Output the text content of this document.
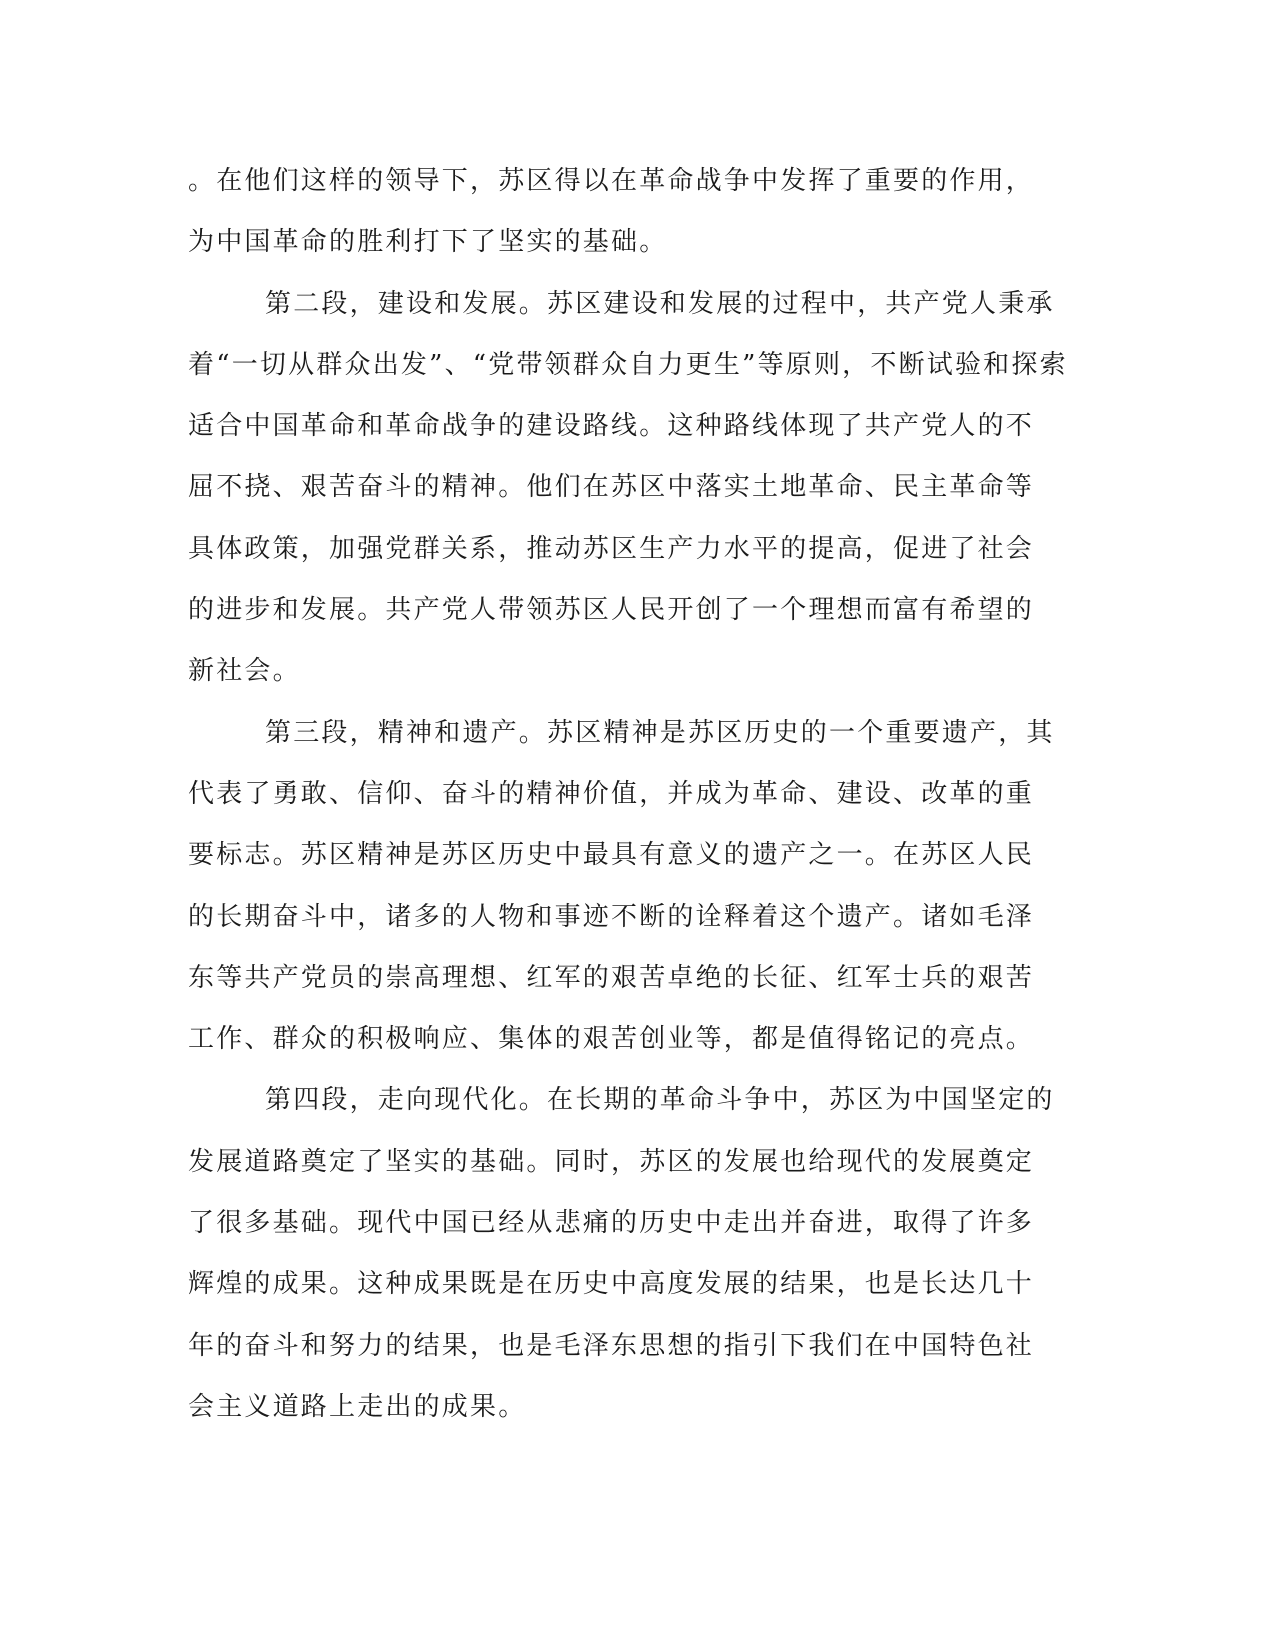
。在他们这样的领导下，苏区得以在革命战争中发挥了重要的作用，
为中国革命的胜利打下了坚实的基础。
第二段，建设和发展。苏区建设和发展的过程中，共产党人秉承
着“一切从群众出发”、“党带领群众自力更生”等原则，不断试验和探索
适合中国革命和革命战争的建设路线。这种路线体现了共产党人的不
屈不挠、艰苦奋斗的精神。他们在苏区中落实土地革命、民主革命等
具体政策，加强党群关系，推动苏区生产力水平的提高，促进了社会
的进步和发展。共产党人带领苏区人民开创了一个理想而富有希望的
新社会。
第三段，精神和遗产。苏区精神是苏区历史的一个重要遗产，其
代表了勇敢、信仰、奋斗的精神价值，并成为革命、建设、改革的重
要标志。苏区精神是苏区历史中最具有意义的遗产之一。在苏区人民
的长期奋斗中，诸多的人物和事迹不断的诠释着这个遗产。诸如毛泽
东等共产党员的崇高理想、红军的艰苦卓绝的长征、红军士兵的艰苦
工作、群众的积极响应、集体的艰苦创业等，都是值得铭记的亮点。
第四段，走向现代化。在长期的革命斗争中，苏区为中国坚定的
发展道路奠定了坚实的基础。同时，苏区的发展也给现代的发展奠定
了很多基础。现代中国已经从悲痛的历史中走出并奋进，取得了许多
辉煌的成果。这种成果既是在历史中高度发展的结果，也是长达几十
年的奋斗和努力的结果，也是毛泽东思想的指引下我们在中国特色社
会主义道路上走出的成果。
